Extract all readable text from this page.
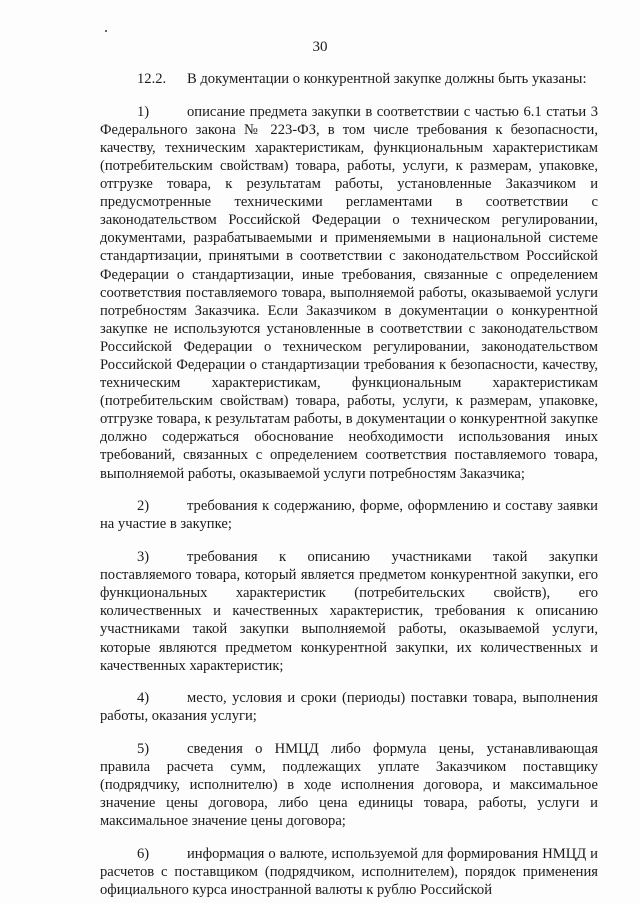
30

12.2. В документации о конкурентной закупке должны быть указаны:

1)	описание предмета закупки в соответствии с частью 6.1 статьи 3 Федерального закона № 223-ФЗ, в том числе требования к безопасности, качеству, техническим характеристикам, функциональным характеристикам (потребительским свойствам) товара, работы, услуги, к размерам, упаковке, отгрузке товара, к результатам работы, установленные Заказчиком и предусмотренные техническими регламентами в соответствии с законодательством Российской Федерации о техническом регулировании, документами, разрабатываемыми и применяемыми в национальной системе стандартизации, принятыми в соответствии с законодательством Российской Федерации о стандартизации, иные требования, связанные с определением соответствия поставляемого товара, выполняемой работы, оказываемой услуги потребностям Заказчика. Если Заказчиком в документации о конкурентной закупке не используются установленные в соответствии с законодательством Российской Федерации о техническом регулировании, законодательством Российской Федерации о стандартизации требования к безопасности, качеству, техническим характеристикам, функциональным характеристикам (потребительским свойствам) товара, работы, услуги, к размерам, упаковке, отгрузке товара, к результатам работы, в документации о конкурентной закупке должно содержаться обоснование необходимости использования иных требований, связанных с определением соответствия поставляемого товара, выполняемой работы, оказываемой услуги потребностям Заказчика;

2)	требования к содержанию, форме, оформлению и составу заявки на участие в закупке;

3)	требования к описанию участниками такой закупки поставляемого товара, который является предметом конкурентной закупки, его функциональных характеристик (потребительских свойств), его количественных и качественных характеристик, требования к описанию участниками такой закупки выполняемой работы, оказываемой услуги, которые являются предметом конкурентной закупки, их количественных и качественных характеристик;

4)	место, условия и сроки (периоды) поставки товара, выполнения работы, оказания услуги;

5)	сведения о НМЦД либо формула цены, устанавливающая правила расчета сумм, подлежащих уплате Заказчиком поставщику (подрядчику, исполнителю) в ходе исполнения договора, и максимальное значение цены договора, либо цена единицы товара, работы, услуги и максимальное значение цены договора;

6)	информация о валюте, используемой для формирования НМЦД и расчетов с поставщиком (подрядчиком, исполнителем), порядок применения официального курса иностранной валюты к рублю Российской
